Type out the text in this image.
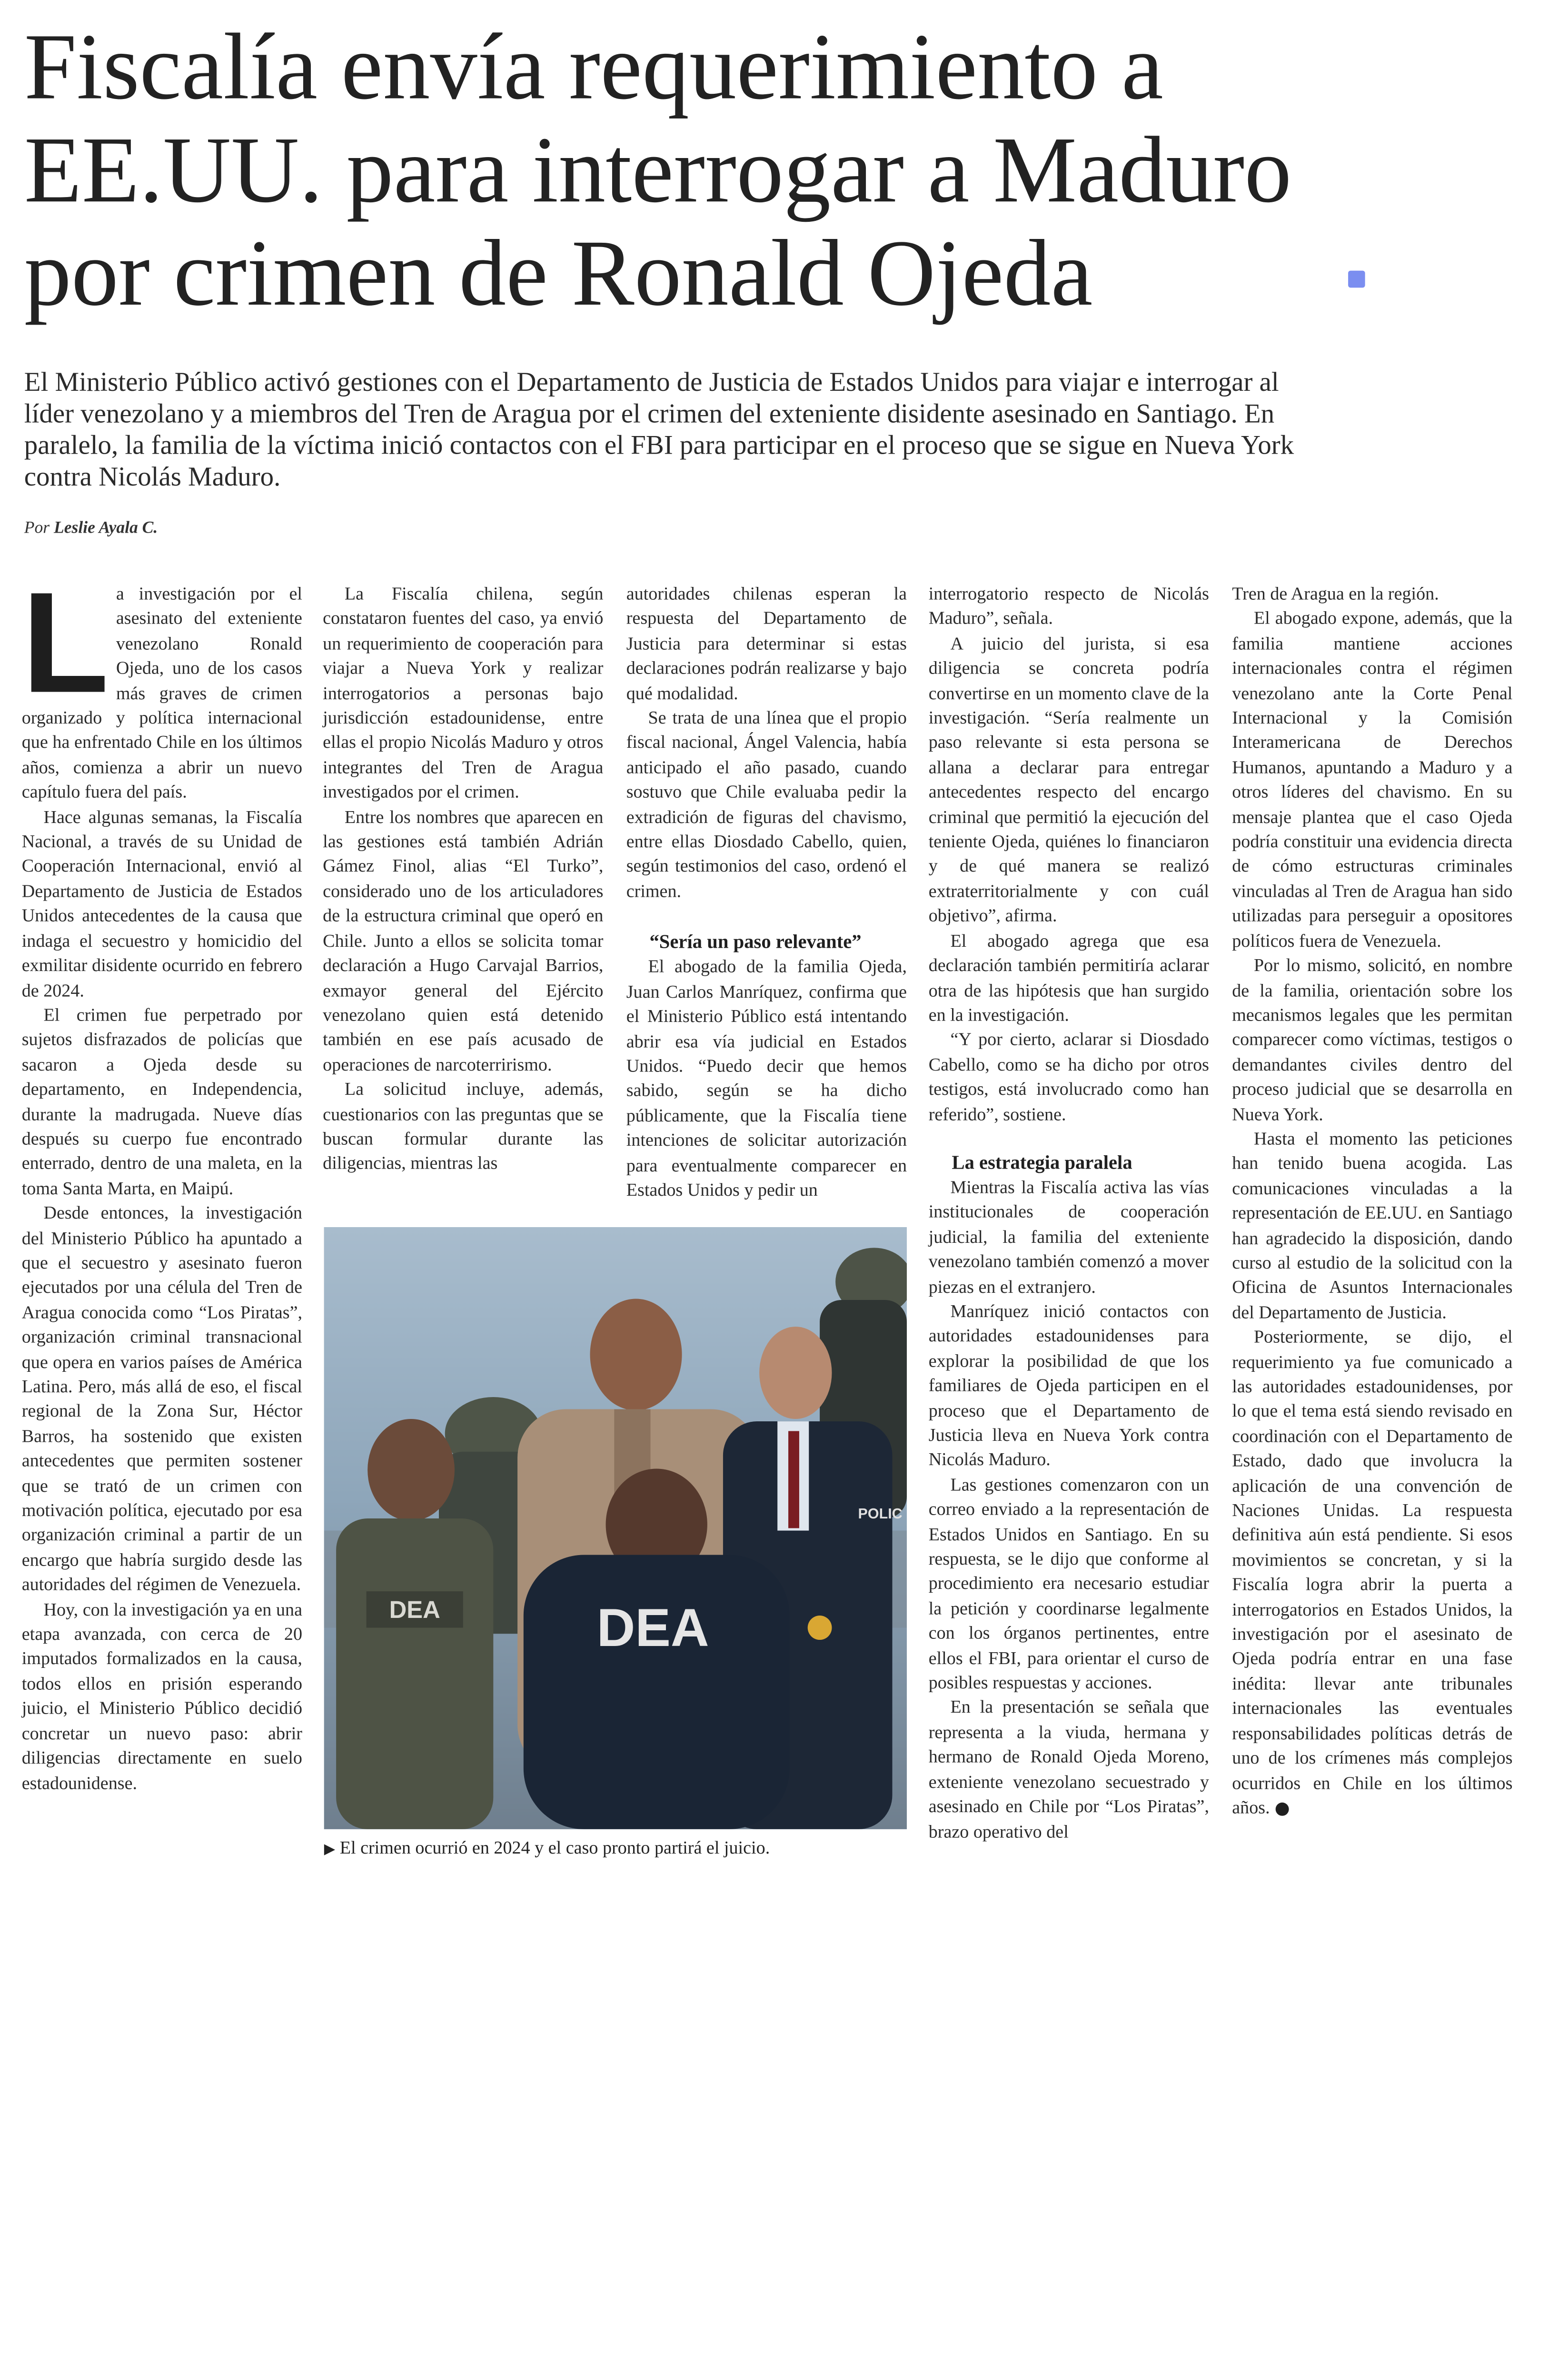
Fiscalía envía requerimiento a
EE.UU. para interrogar a Maduro
por crimen de Ronald Ojeda
El Ministerio Público activó gestiones con el Departamento de Justicia de Estados Unidos para viajar e interrogar al
líder venezolano y a miembros del Tren de Aragua por el crimen del exteniente disidente asesinado en Santiago. En
paralelo, la familia de la víctima inició contactos con el FBI para participar en el proceso que se sigue en Nueva York
contra Nicolás Maduro.
Por Leslie Ayala C.
L	a investigación por el asesinato del exteniente venezolano Ronald Ojeda, uno de los casos más graves de crimen organizado y política internacional que ha enfrentado Chile en los últimos años, comienza a abrir un nuevo capítulo fuera del país.

Hace algunas semanas, la Fiscalía Nacional, a través de su Unidad de Cooperación Internacional, envió al Departamento de Justicia de Estados Unidos antecedentes de la causa que indaga el secuestro y homicidio del exmilitar disidente ocurrido en febrero de 2024.

El crimen fue perpetrado por sujetos disfrazados de policías que sacaron a Ojeda desde su departamento, en Independencia, durante la madrugada. Nueve días después su cuerpo fue encontrado enterrado, dentro de una maleta, en la toma Santa Marta, en Maipú.

Desde entonces, la investigación del Ministerio Público ha apuntado a que el secuestro y asesinato fueron ejecutados por una célula del Tren de Aragua conocida como “Los Piratas”, organización criminal transnacional que opera en varios países de América Latina. Pero, más allá de eso, el fiscal regional de la Zona Sur, Héctor Barros, ha sostenido que existen antecedentes que permiten sostener que se trató de un crimen con motivación política, ejecutado por esa organización criminal a partir de un encargo que habría surgido desde las autoridades del régimen de Venezuela.

Hoy, con la investigación ya en una etapa avanzada, con cerca de 20 imputados formalizados en la causa, todos ellos en prisión esperando juicio, el Ministerio Público decidió concretar un nuevo paso: abrir diligencias directamente en suelo estadounidense.

La Fiscalía chilena, según constataron fuentes del caso, ya envió un requerimiento de cooperación para viajar a Nueva York y realizar interrogatorios a personas bajo jurisdicción estadounidense, entre ellas el propio Nicolás Maduro y otros integrantes del Tren de Aragua investigados por el crimen.

Entre los nombres que aparecen en las gestiones está también Adrián Gámez Finol, alias “El Turko”, considerado uno de los articuladores de la estructura criminal que operó en Chile. Junto a ellos se solicita tomar declaración a Hugo Carvajal Barrios, exmayor general del Ejército venezolano quien está detenido también en ese país acusado de operaciones de narcoterrirismo.

La solicitud incluye, además, cuestionarios con las preguntas que se buscan formular durante las diligencias, mientras las

autoridades chilenas esperan la respuesta del Departamento de Justicia para determinar si estas declaraciones podrán realizarse y bajo qué modalidad.

Se trata de una línea que el propio fiscal nacional, Ángel Valencia, había anticipado el año pasado, cuando sostuvo que Chile evaluaba pedir la extradición de figuras del chavismo, entre ellas Diosdado Cabello, quien, según testimonios del caso, ordenó el crimen.

“Sería un paso relevante”

El abogado de la familia Ojeda, Juan Carlos Manríquez, confirma que el Ministerio Público está intentando abrir esa vía judicial en Estados Unidos. “Puedo decir que hemos sabido, según se ha dicho públicamente, que la Fiscalía tiene intenciones de solicitar autorización para eventualmente comparecer en Estados Unidos y pedir un

DEA
POLIC
DEA
▶ El crimen ocurrió en 2024 y el caso pronto partirá el juicio.

interrogatorio respecto de Nicolás Maduro”, señala.

A juicio del jurista, si esa diligencia se concreta podría convertirse en un momento clave de la investigación. “Sería realmente un paso relevante si esta persona se allana a declarar para entregar antecedentes respecto del encargo criminal que permitió la ejecución del teniente Ojeda, quiénes lo financiaron y de qué manera se realizó extraterritorialmente y con cuál objetivo”, afirma.

El abogado agrega que esa declaración también permitiría aclarar otra de las hipótesis que han surgido en la investigación.

“Y por cierto, aclarar si Diosdado Cabello, como se ha dicho por otros testigos, está involucrado como han referido”, sostiene.

La estrategia paralela

Mientras la Fiscalía activa las vías institucionales de cooperación judicial, la familia del exteniente venezolano también comenzó a mover piezas en el extranjero.

Manríquez inició contactos con autoridades estadounidenses para explorar la posibilidad de que los familiares de Ojeda participen en el proceso que el Departamento de Justicia lleva en Nueva York contra Nicolás Maduro.

Las gestiones comenzaron con un correo enviado a la representación de Estados Unidos en Santiago. En su respuesta, se le dijo que conforme al procedimiento era necesario estudiar la petición y coordinarse legalmente con los órganos pertinentes, entre ellos el FBI, para orientar el curso de posibles respuestas y acciones.

En la presentación se señala que representa a la viuda, hermana y hermano de Ronald Ojeda Moreno, exteniente venezolano secuestrado y asesinado en Chile por “Los Piratas”, brazo operativo del

Tren de Aragua en la región.

El abogado expone, además, que la familia mantiene acciones internacionales contra el régimen venezolano ante la Corte Penal Internacional y la Comisión Interamericana de Derechos Humanos, apuntando a Maduro y a otros líderes del chavismo. En su mensaje plantea que el caso Ojeda podría constituir una evidencia directa de cómo estructuras criminales vinculadas al Tren de Aragua han sido utilizadas para perseguir a opositores políticos fuera de Venezuela.

Por lo mismo, solicitó, en nombre de la familia, orientación sobre los mecanismos legales que les permitan comparecer como víctimas, testigos o demandantes civiles dentro del proceso judicial que se desarrolla en Nueva York.

Hasta el momento las peticiones han tenido buena acogida. Las comunicaciones vinculadas a la representación de EE.UU. en Santiago han agradecido la disposición, dando curso al estudio de la solicitud con la Oficina de Asuntos Internacionales del Departamento de Justicia.

Posteriormente, se dijo, el requerimiento ya fue comunicado a las autoridades estadounidenses, por lo que el tema está siendo revisado en coordinación con el Departamento de Estado, dado que involucra la aplicación de una convención de Naciones Unidas. La respuesta definitiva aún está pendiente. Si esos movimientos se concretan, y si la Fiscalía logra abrir la puerta a interrogatorios en Estados Unidos, la investigación por el asesinato de Ojeda podría entrar en una fase inédita: llevar ante tribunales internacionales las eventuales responsabilidades políticas detrás de uno de los crímenes más complejos ocurridos en Chile en los últimos años.
